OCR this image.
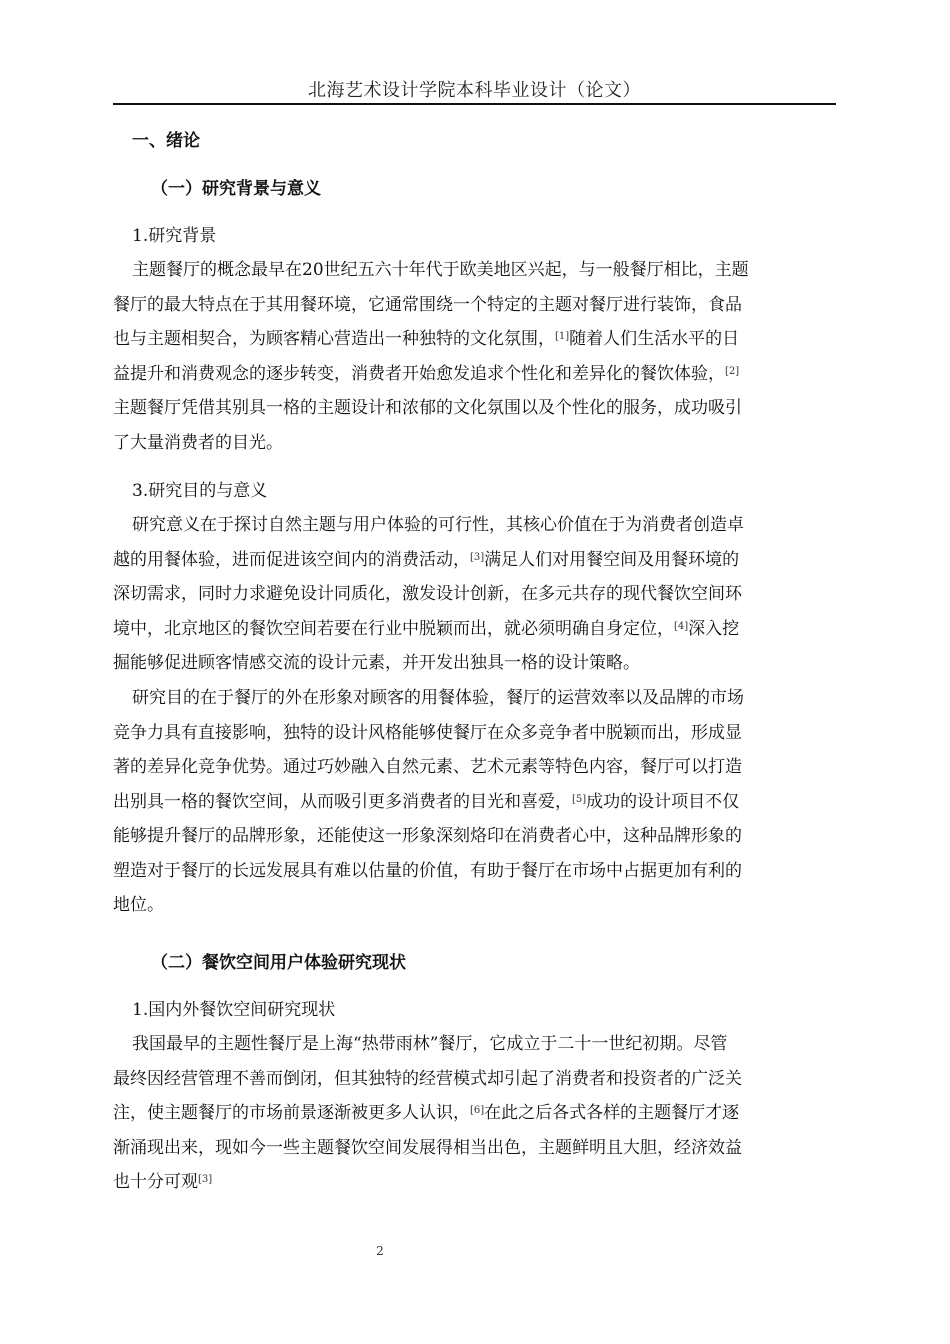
北海艺术设计学院本科毕业设计（论文）
一、绪论
（一）研究背景与意义
1.研究背景
主题餐厅的概念最早在20世纪五六十年代于欧美地区兴起，与一般餐厅相比，主题
餐厅的最大特点在于其用餐环境，它通常围绕一个特定的主题对餐厅进行装饰，食品
也与主题相契合，为顾客精心营造出一种独特的文化氛围，[1]随着人们生活水平的日
益提升和消费观念的逐步转变，消费者开始愈发追求个性化和差异化的餐饮体验，[2]
主题餐厅凭借其别具一格的主题设计和浓郁的文化氛围以及个性化的服务，成功吸引
了大量消费者的目光。
3.研究目的与意义
研究意义在于探讨自然主题与用户体验的可行性，其核心价值在于为消费者创造卓
越的用餐体验，进而促进该空间内的消费活动，[3]满足人们对用餐空间及用餐环境的
深切需求，同时力求避免设计同质化，激发设计创新，在多元共存的现代餐饮空间环
境中，北京地区的餐饮空间若要在行业中脱颖而出，就必须明确自身定位，[4]深入挖
掘能够促进顾客情感交流的设计元素，并开发出独具一格的设计策略。
研究目的在于餐厅的外在形象对顾客的用餐体验，餐厅的运营效率以及品牌的市场
竞争力具有直接影响，独特的设计风格能够使餐厅在众多竞争者中脱颖而出，形成显
著的差异化竞争优势。通过巧妙融入自然元素、艺术元素等特色内容，餐厅可以打造
出别具一格的餐饮空间，从而吸引更多消费者的目光和喜爱，[5]成功的设计项目不仅
能够提升餐厅的品牌形象，还能使这一形象深刻烙印在消费者心中，这种品牌形象的
塑造对于餐厅的长远发展具有难以估量的价值，有助于餐厅在市场中占据更加有利的
地位。
（二）餐饮空间用户体验研究现状
1.国内外餐饮空间研究现状
我国最早的主题性餐厅是上海“热带雨林”餐厅，它成立于二十一世纪初期。尽管
最终因经营管理不善而倒闭，但其独特的经营模式却引起了消费者和投资者的广泛关
注，使主题餐厅的市场前景逐渐被更多人认识，[6]在此之后各式各样的主题餐厅才逐
渐涌现出来，现如今一些主题餐饮空间发展得相当出色，主题鲜明且大胆，经济效益
也十分可观[3]
2
